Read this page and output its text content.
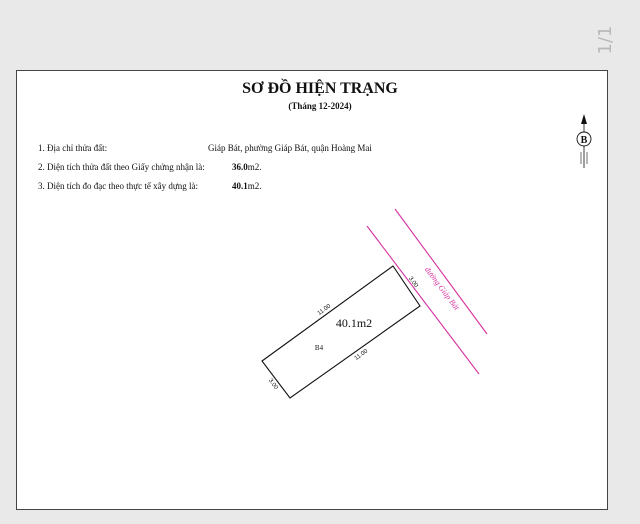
1/1
SƠ ĐỒ HIỆN TRẠNG
(Tháng 12-2024)
1. Địa chỉ thửa đất:	Giáp Bát, phường Giáp Bát, quận Hoàng Mai
2. Diện tích thửa đất theo Giấy chứng nhận là:	36.0m2.
3. Diện tích đo đạc theo thực tế xây dựng là:	40.1m2.
B
đường Giáp Bát
11.00
11.00
3.00
3.00
40.1m2
B4
